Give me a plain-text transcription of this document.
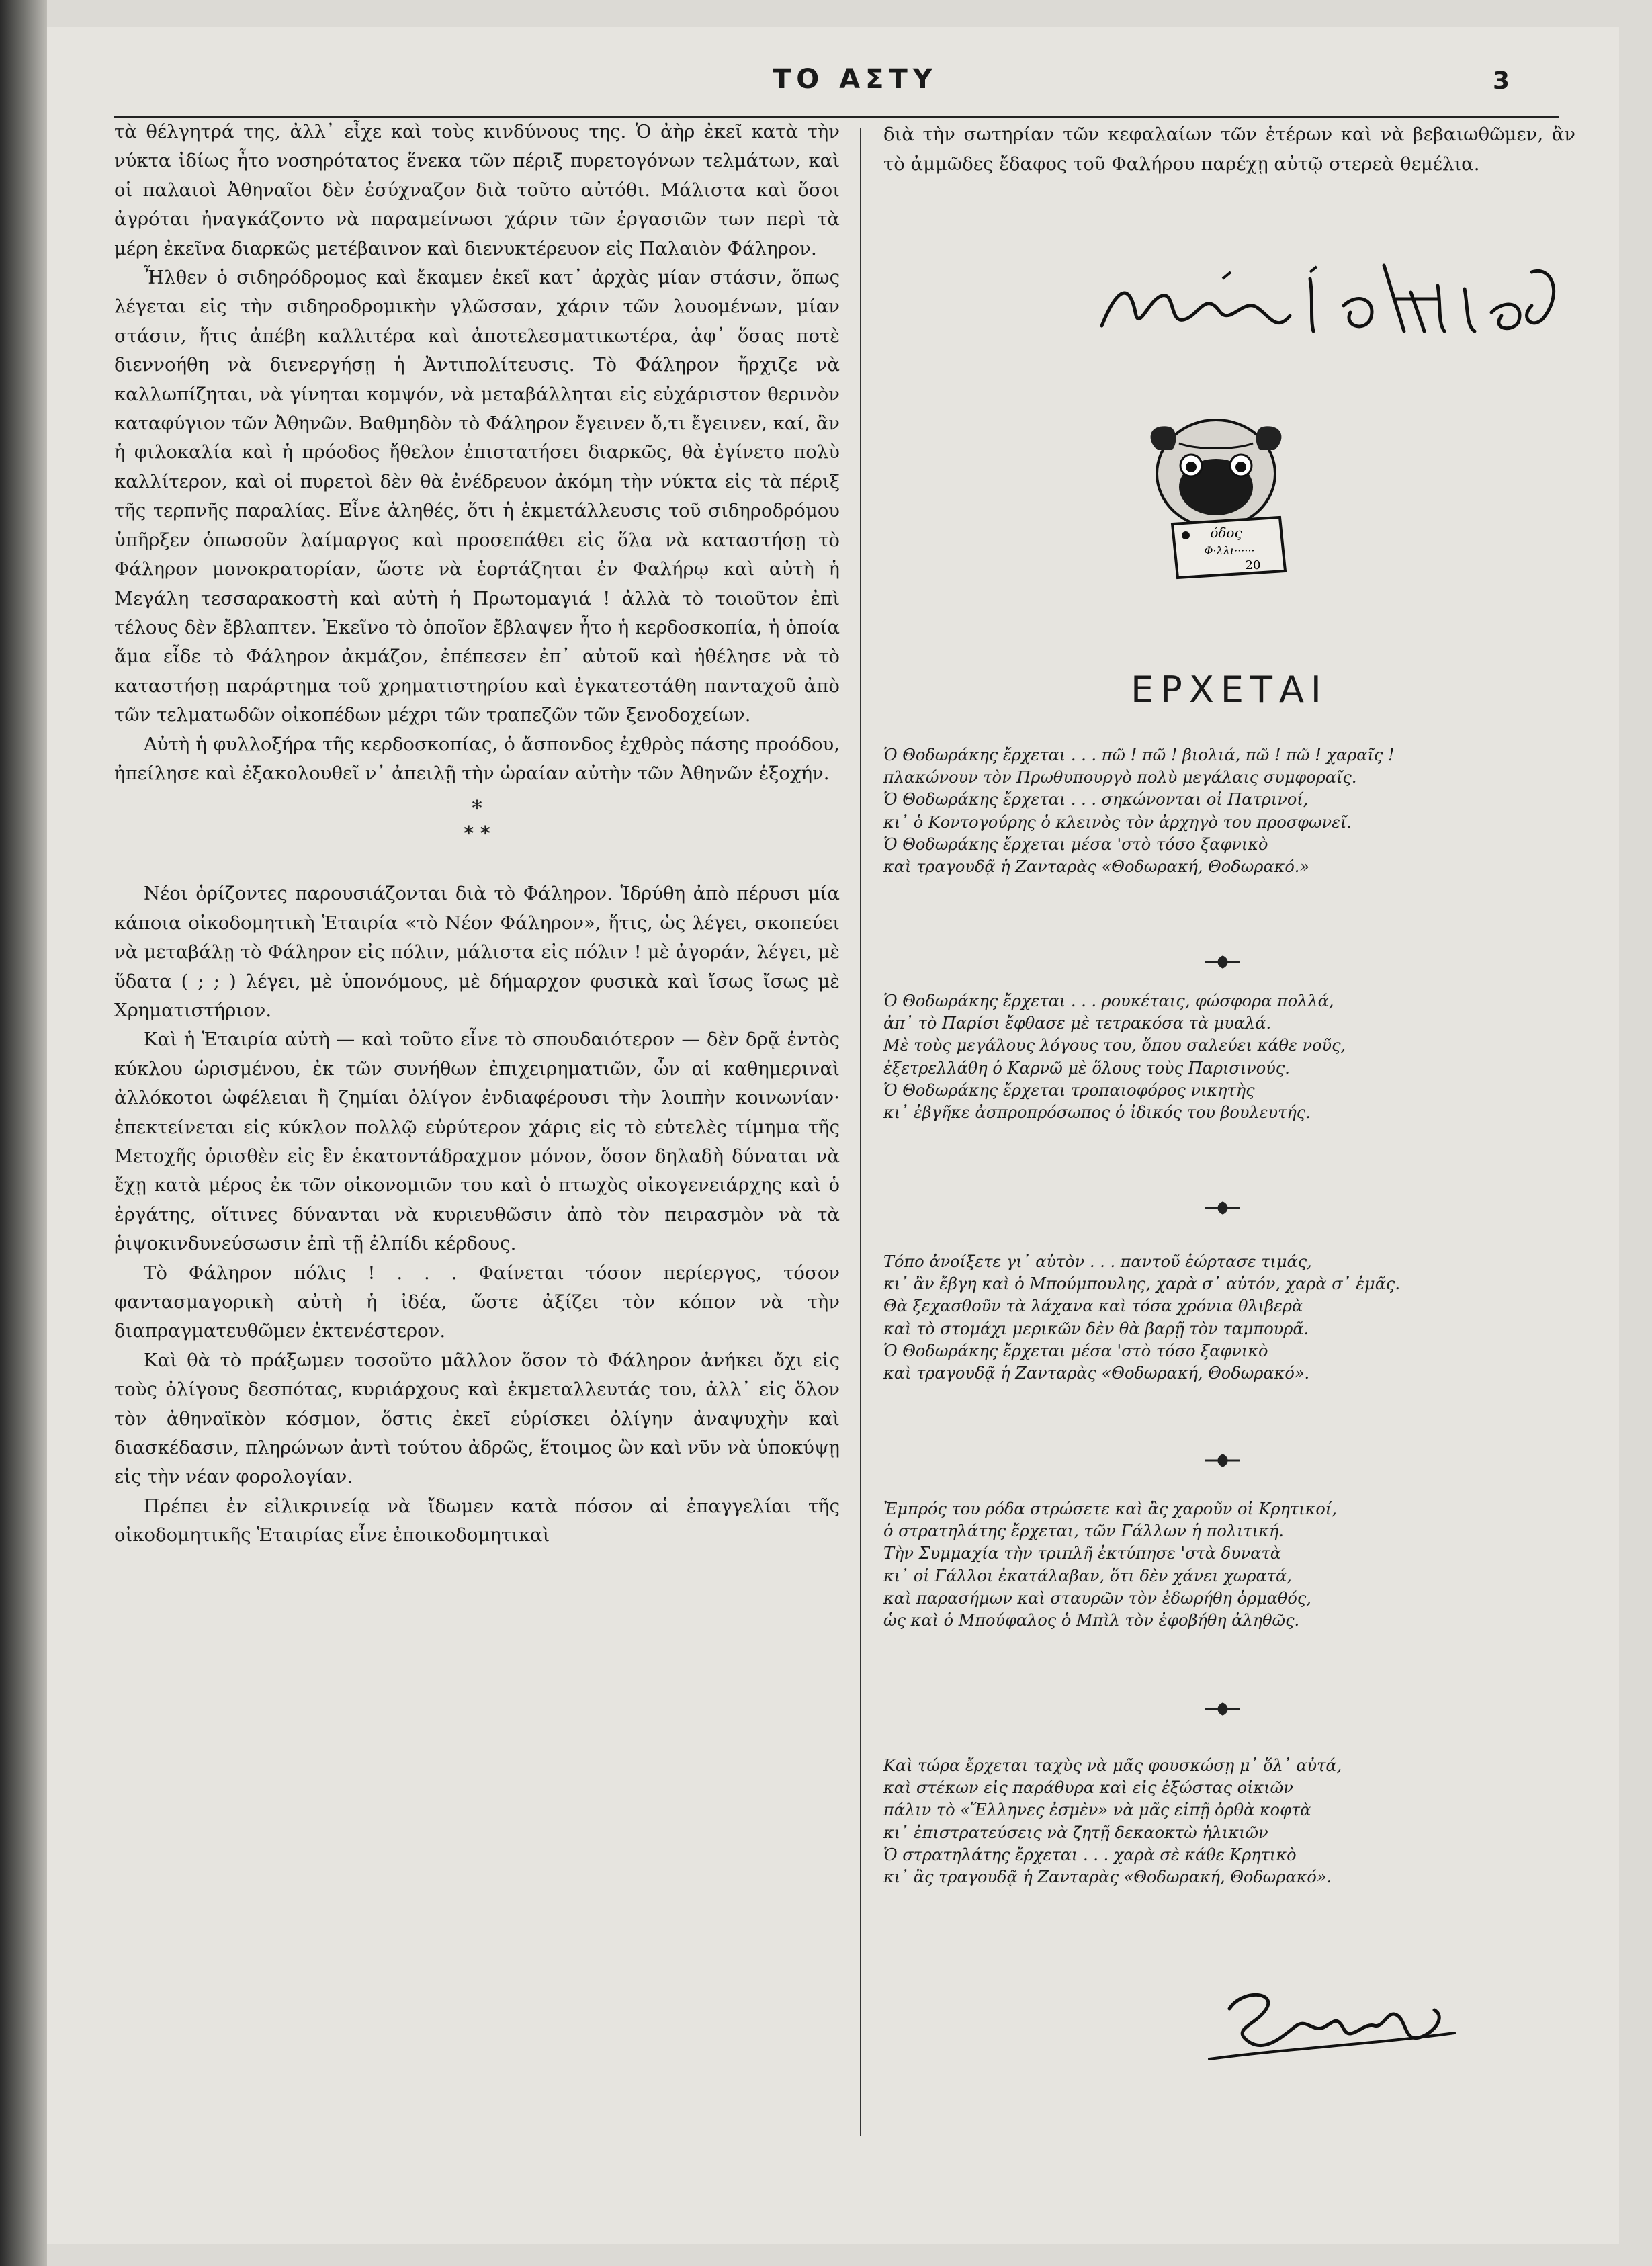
ΤΟ ΑΣΤΥ	3

τὰ θέλγητρά της, ἀλλ᾽ εἶχε καὶ τοὺς κινδύνους της. Ὁ ἀὴρ ἐκεῖ κατὰ τὴν νύκτα ἰδίως ἦτο νοσηρότατος ἕνεκα τῶν πέριξ πυρετογόνων τελμάτων, καὶ οἱ παλαιοὶ Ἀθηναῖοι δὲν ἐσύχναζον διὰ τοῦτο αὐτόθι. Μάλιστα καὶ ὅσοι ἀγρόται ἠναγκάζοντο νὰ παραμείνωσι χάριν τῶν ἐργασιῶν των περὶ τὰ μέρη ἐκεῖνα διαρκῶς μετέβαινον καὶ διενυκτέρευον εἰς Παλαιὸν Φάληρον.

Ἦλθεν ὁ σιδηρόδρομος καὶ ἔκαμεν ἐκεῖ κατ᾽ ἀρχὰς μίαν στάσιν, ὅπως λέγεται εἰς τὴν σιδηροδρομικὴν γλῶσσαν, χάριν τῶν λουομένων, μίαν στάσιν, ἥτις ἀπέβη καλλιτέρα καὶ ἀποτελεσματικωτέρα, ἀφ᾽ ὅσας ποτὲ διεννοήθη νὰ διενεργήσῃ ἡ Ἀντιπολίτευσις. Τὸ Φάληρον ἤρχιζε νὰ καλλωπίζηται, νὰ γίνηται κομψόν, νὰ μεταβάλληται εἰς εὐχάριστον θερινὸν καταφύγιον τῶν Ἀθηνῶν. Βαθμηδὸν τὸ Φάληρον ἔγεινεν ὅ,τι ἔγεινεν, καί, ἂν ἡ φιλοκαλία καὶ ἡ πρόοδος ἤθελον ἐπιστατήσει διαρκῶς, θὰ ἐγίνετο πολὺ καλλίτερον, καὶ οἱ πυρετοὶ δὲν θὰ ἐνέδρευον ἀκόμη τὴν νύκτα εἰς τὰ πέριξ τῆς τερπνῆς παραλίας. Εἶνε ἀληθές, ὅτι ἡ ἐκμετάλλευσις τοῦ σιδηροδρόμου ὑπῆρξεν ὁπωσοῦν λαίμαργος καὶ προσεπάθει εἰς ὅλα νὰ καταστήσῃ τὸ Φάληρον μονοκρατορίαν, ὥστε νὰ ἑορτάζηται ἐν Φαλήρῳ καὶ αὐτὴ ἡ Μεγάλη τεσσαρακοστὴ καὶ αὐτὴ ἡ Πρωτομαγιά ! ἀλλὰ τὸ τοιοῦτον ἐπὶ τέλους δὲν ἔβλαπτεν. Ἐκεῖνο τὸ ὁποῖον ἔβλαψεν ἦτο ἡ κερδοσκοπία, ἡ ὁποία ἅμα εἶδε τὸ Φάληρον ἀκμάζον, ἐπέπεσεν ἐπ᾽ αὐτοῦ καὶ ἠθέλησε νὰ τὸ καταστήσῃ παράρτημα τοῦ χρηματιστηρίου καὶ ἐγκατεστάθη πανταχοῦ ἀπὸ τῶν τελματωδῶν οἰκοπέδων μέχρι τῶν τραπεζῶν τῶν ξενοδοχείων.

Αὐτὴ ἡ φυλλοξήρα τῆς κερδοσκοπίας, ὁ ἄσπονδος ἐχθρὸς πάσης προόδου, ἠπείλησε καὶ ἐξακολουθεῖ ν᾽ ἀπειλῇ τὴν ὡραίαν αὐτὴν τῶν Ἀθηνῶν ἐξοχήν.

*
* *

Νέοι ὁρίζοντες παρουσιάζονται διὰ τὸ Φάληρον. Ἱδρύθη ἀπὸ πέρυσι μία κάποια οἰκοδομητικὴ Ἑταιρία «τὸ Νέον Φάληρον», ἥτις, ὡς λέγει, σκοπεύει νὰ μεταβάλῃ τὸ Φάληρον εἰς πόλιν, μάλιστα εἰς πόλιν ! μὲ ἀγοράν, λέγει, μὲ ὕδατα ( ; ; ) λέγει, μὲ ὑπονόμους, μὲ δήμαρχον φυσικὰ καὶ ἴσως ἴσως μὲ Χρηματιστήριον.

Καὶ ἡ Ἑταιρία αὐτὴ — καὶ τοῦτο εἶνε τὸ σπουδαιότερον — δὲν δρᾷ ἐντὸς κύκλου ὡρισμένου, ἐκ τῶν συνήθων ἐπιχειρηματιῶν, ὧν αἱ καθημεριναὶ ἀλλόκοτοι ὠφέλειαι ἢ ζημίαι ὀλίγον ἐνδιαφέρουσι τὴν λοιπὴν κοινωνίαν· ἐπεκτείνεται εἰς κύκλον πολλῷ εὐρύτερον χάρις εἰς τὸ εὐτελὲς τίμημα τῆς Μετοχῆς ὁρισθὲν εἰς ἓν ἑκατοντάδραχμον μόνον, ὅσον δηλαδὴ δύναται νὰ ἔχῃ κατὰ μέρος ἐκ τῶν οἰκονομιῶν του καὶ ὁ πτωχὸς οἰκογενειάρχης καὶ ὁ ἐργάτης, οἵτινες δύνανται νὰ κυριευθῶσιν ἀπὸ τὸν πειρασμὸν νὰ τὰ ῥιψοκινδυνεύσωσιν ἐπὶ τῇ ἐλπίδι κέρδους.

Τὸ Φάληρον πόλις ! . . . Φαίνεται τόσον περίεργος, τόσον φαντασμαγορικὴ αὐτὴ ἡ ἰδέα, ὥστε ἀξίζει τὸν κόπον νὰ τὴν διαπραγματευθῶμεν ἐκτενέστερον.

Καὶ θὰ τὸ πράξωμεν τοσοῦτο μᾶλλον ὅσον τὸ Φάληρον ἀνήκει ὄχι εἰς τοὺς ὀλίγους δεσπότας, κυριάρχους καὶ ἐκμεταλλευτάς του, ἀλλ᾽ εἰς ὅλον τὸν ἀθηναϊκὸν κόσμον, ὅστις ἐκεῖ εὑρίσκει ὀλίγην ἀναψυχὴν καὶ διασκέδασιν, πληρώνων ἀντὶ τούτου ἀδρῶς, ἕτοιμος ὢν καὶ νῦν νὰ ὑποκύψῃ εἰς τὴν νέαν φορολογίαν.

Πρέπει ἐν εἰλικρινείᾳ νὰ ἴδωμεν κατὰ πόσον αἱ ἐπαγγελίαι τῆς οἰκοδομητικῆς Ἑταιρίας εἶνε ἐποικοδομητικαὶ

διὰ τὴν σωτηρίαν τῶν κεφαλαίων τῶν ἑτέρων καὶ νὰ βεβαιωθῶμεν, ἂν τὸ ἀμμῶδες ἔδαφος τοῦ Φαλήρου παρέχῃ αὐτῷ στερεὰ θεμέλια.

όδος
Φ·λλι······
20
ΕΡΧΕΤΑΙ
Ὁ Θοδωράκης ἔρχεται . . . πῶ ! πῶ ! βιολιά, πῶ ! πῶ ! χαραῖς !
πλακώνουν τὸν Πρωθυπουργὸ πολὺ μεγάλαις συμφοραῖς.
Ὁ Θοδωράκης ἔρχεται . . . σηκώνονται οἱ Πατρινοί,
κι᾽ ὁ Κοντογούρης ὁ κλεινὸς τὸν ἀρχηγὸ του προσφωνεῖ.
Ὁ Θοδωράκης ἔρχεται μέσα 'στὸ τόσο ξαφνικὸ
καὶ τραγουδᾷ ἡ Ζανταρὰς «Θοδωρακή, Θοδωρακό.»
Ὁ Θοδωράκης ἔρχεται . . . ρουκέταις, φώσφορα πολλά,
ἀπ᾽ τὸ Παρίσι ἔφθασε μὲ τετρακόσα τὰ μυαλά.
Μὲ τοὺς μεγάλους λόγους του, ὅπου σαλεύει κάθε νοῦς,
ἐξετρελλάθη ὁ Καρνῶ μὲ ὅλους τοὺς Παρισινούς.
Ὁ Θοδωράκης ἔρχεται τροπαιοφόρος νικητὴς
κι᾽ ἐβγῆκε ἀσπροπρόσωπος ὁ ἰδικός του βουλευτής.
Τόπο ἀνοίξετε γι᾽ αὐτὸν . . . παντοῦ ἑώρτασε τιμάς,
κι᾽ ἂν ἔβγη καὶ ὁ Μπούμπουλης, χαρὰ σ᾽ αὐτόν, χαρὰ σ᾽ ἐμᾶς.
Θὰ ξεχασθοῦν τὰ λάχανα καὶ τόσα χρόνια θλιβερὰ
καὶ τὸ στομάχι μερικῶν δὲν θὰ βαρῇ τὸν ταμπουρᾶ.
Ὁ Θοδωράκης ἔρχεται μέσα 'στὸ τόσο ξαφνικὸ
καὶ τραγουδᾷ ἡ Ζανταρὰς «Θοδωρακή, Θοδωρακό».
Ἐμπρός του ρόδα στρώσετε καὶ ἂς χαροῦν οἱ Κρητικοί,
ὁ στρατηλάτης ἔρχεται, τῶν Γάλλων ἡ πολιτική.
Τὴν Συμμαχία τὴν τριπλῆ ἐκτύπησε 'στὰ δυνατὰ
κι᾽ οἱ Γάλλοι ἐκατάλαβαν, ὅτι δὲν χάνει χωρατά,
καὶ παρασήμων καὶ σταυρῶν τὸν ἐδωρήθη ὁρμαθός,
ὡς καὶ ὁ Μπούφαλος ὁ Μπὶλ τὸν ἐφοβήθη ἀληθῶς.
Καὶ τώρα ἔρχεται ταχὺς νὰ μᾶς φουσκώσῃ μ᾽ ὅλ᾽ αὐτά,
καὶ στέκων εἰς παράθυρα καὶ εἰς ἐξώστας οἰκιῶν
πάλιν τὸ «Ἕλληνες ἐσμὲν» νὰ μᾶς εἰπῇ ὀρθὰ κοφτὰ
κι᾽ ἐπιστρατεύσεις νὰ ζητῇ δεκαοκτὼ ἡλικιῶν
Ὁ στρατηλάτης ἔρχεται . . . χαρὰ σὲ κάθε Κρητικὸ
κι᾽ ἂς τραγουδᾷ ἡ Ζανταρὰς «Θοδωρακή, Θοδωρακό».
